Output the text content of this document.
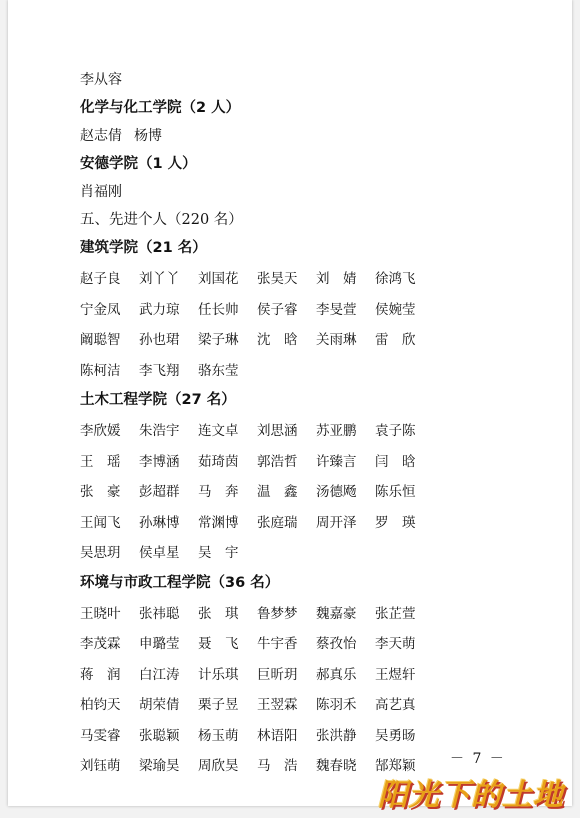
李从容
化学与化工学院（2 人）
赵志倩 杨博
安德学院（1 人）
肖福刚
五、先进个人（220 名）
建筑学院（21 名）
赵子良	刘丫丫	刘国花	张昊天	刘　婧	徐鸿飞
宁金凤	武力琼	任长帅	侯子睿	李旻萱	侯婉莹
阚聪智	孙也珺	梁子琳	沈　晗	关雨琳	雷　欣
陈柯洁	李飞翔	骆东莹
土木工程学院（27 名）
李欣媛	朱浩宇	连文卓	刘思涵	苏亚鹏	袁子陈
王　瑶	李博涵	茹琦茵	郭浩哲	许臻言	闫　晗
张　豪	彭超群	马　奔	温　鑫	汤德飏	陈乐恒
王闻飞	孙琳博	常渊博	张庭瑞	周开泽	罗　瑛
吴思玥	侯卓星	吴　宇
环境与市政工程学院（36 名）
王晓叶	张祎聪	张　琪	鲁梦梦	魏嘉豪	张芷萱
李茂霖	申璐莹	聂　飞	牛宇香	蔡孜怡	李天萌
蒋　润	白江涛	计乐琪	巨昕玥	郝真乐	王煜轩
柏钧天	胡荣倩	栗子昱	王翌霖	陈羽禾	高艺真
马雯睿	张聪颖	杨玉萌	林语阳	张洪静	吴勇旸
刘钰萌	梁瑜昊	周欣昊	马　浩	魏春晓	郜郑颖	－ 7 －
阳光下的土地
